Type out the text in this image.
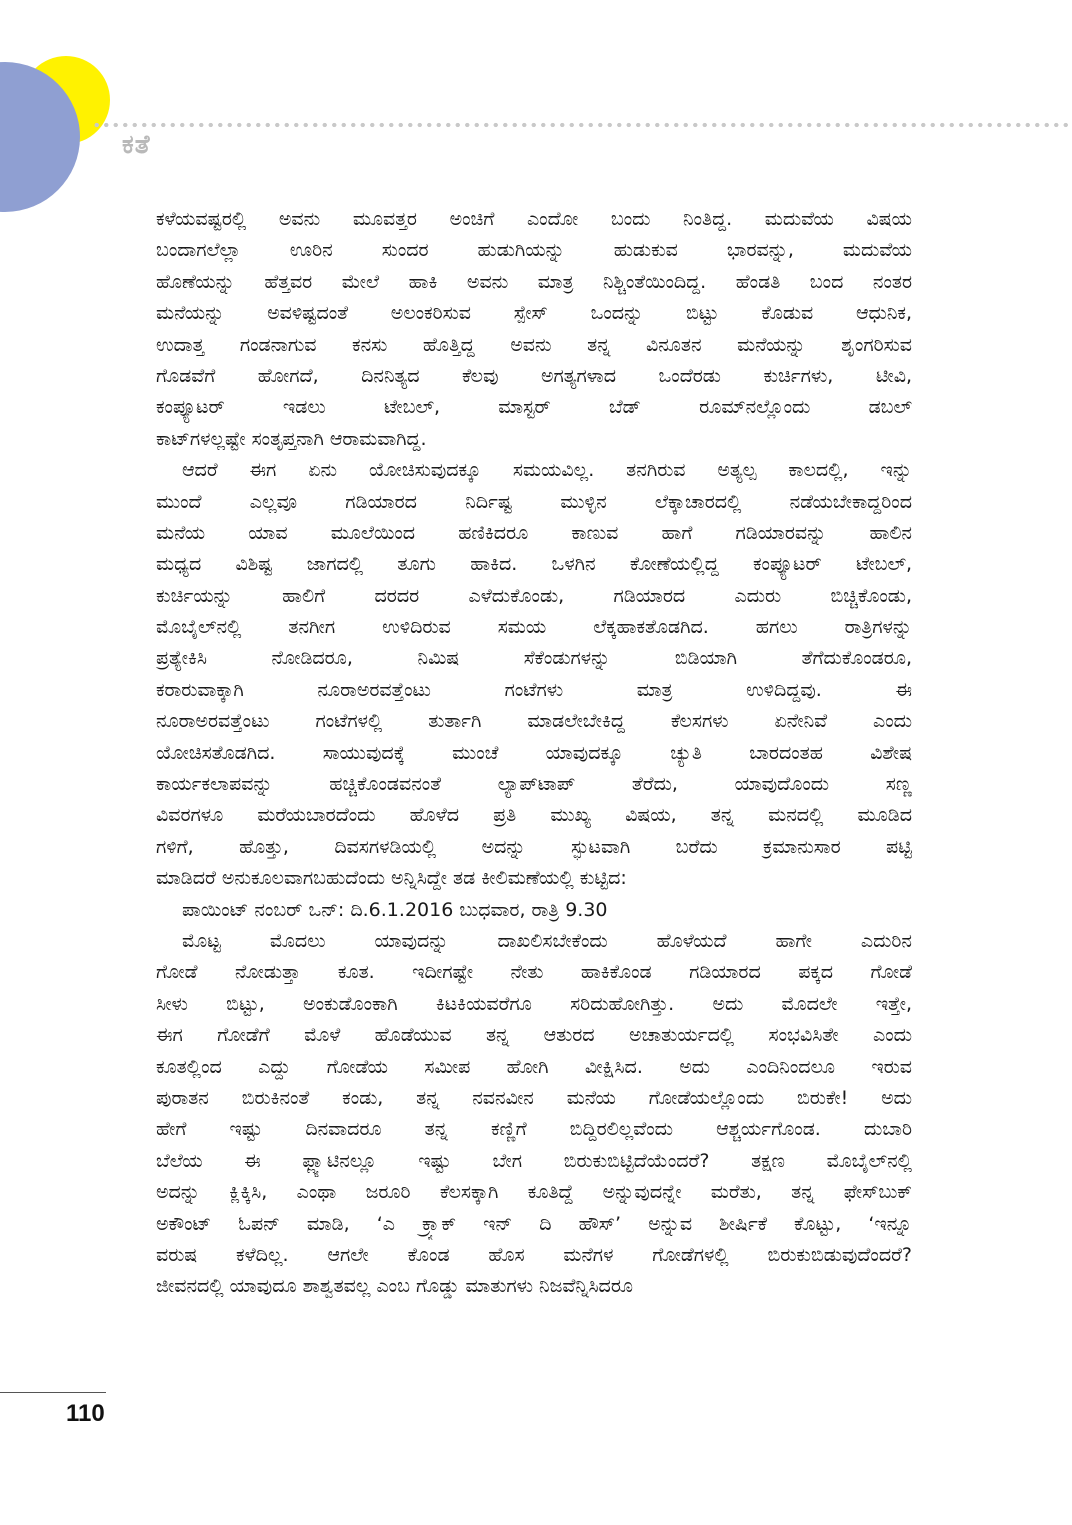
ಕತೆ
ಕಳೆಯವಷ್ಟರಲ್ಲಿ ಅವನು ಮೂವತ್ತರ ಅಂಚಿಗೆ ಎಂದೋ ಬಂದು ನಿಂತಿದ್ದ. ಮದುವೆಯ ವಿಷಯ
ಬಂದಾಗಲೆಲ್ಲಾ ಊರಿನ ಸುಂದರ ಹುಡುಗಿಯನ್ನು ಹುಡುಕುವ ಭಾರವನ್ನು, ಮದುವೆಯ
ಹೊಣೆಯನ್ನು ಹೆತ್ತವರ ಮೇಲೆ ಹಾಕಿ ಅವನು ಮಾತ್ರ ನಿಶ್ಚಿಂತೆಯಿಂದಿದ್ದ. ಹೆಂಡತಿ ಬಂದ ನಂತರ
ಮನೆಯನ್ನು ಅವಳಿಷ್ಟದಂತೆ ಅಲಂಕರಿಸುವ ಸ್ಪೇಸ್ ಒಂದನ್ನು ಬಿಟ್ಟು ಕೊಡುವ ಆಧುನಿಕ,
ಉದಾತ್ತ ಗಂಡನಾಗುವ ಕನಸು ಹೊತ್ತಿದ್ದ ಅವನು ತನ್ನ ವಿನೂತನ ಮನೆಯನ್ನು ಶೃಂಗರಿಸುವ
ಗೊಡವೆಗೆ ಹೋಗದೆ, ದಿನನಿತ್ಯದ ಕೆಲವು ಅಗತ್ಯಗಳಾದ ಒಂದೆರಡು ಕುರ್ಚಿಗಳು, ಟೀವಿ,
ಕಂಪ್ಯೂಟರ್ ಇಡಲು ಟೇಬಲ್, ಮಾಸ್ಟರ್ ಬೆಡ್ ರೂಮ್‌ನಲ್ಲೊಂದು ಡಬಲ್
ಕಾಟ್‌ಗಳಲ್ಲಷ್ಟೇ ಸಂತೃಪ್ತನಾಗಿ ಆರಾಮವಾಗಿದ್ದ.
ಆದರೆ ಈಗ ಏನು ಯೋಚಿಸುವುದಕ್ಕೂ ಸಮಯವಿಲ್ಲ. ತನಗಿರುವ ಅತ್ಯಲ್ಪ ಕಾಲದಲ್ಲಿ, ಇನ್ನು
ಮುಂದೆ ಎಲ್ಲವೂ ಗಡಿಯಾರದ ನಿರ್ದಿಷ್ಟ ಮುಳ್ಳಿನ ಲೆಕ್ಕಾಚಾರದಲ್ಲಿ ನಡೆಯಬೇಕಾದ್ದರಿಂದ
ಮನೆಯ ಯಾವ ಮೂಲೆಯಿಂದ ಹಣಿಕಿದರೂ ಕಾಣುವ ಹಾಗೆ ಗಡಿಯಾರವನ್ನು ಹಾಲಿನ
ಮಧ್ಯದ ವಿಶಿಷ್ಟ ಜಾಗದಲ್ಲಿ ತೂಗು ಹಾಕಿದ. ಒಳಗಿನ ಕೋಣೆಯಲ್ಲಿದ್ದ ಕಂಪ್ಯೂಟರ್ ಟೇಬಲ್,
ಕುರ್ಚಿಯನ್ನು ಹಾಲಿಗೆ ದರದರ ಎಳೆದುಕೊಂಡು, ಗಡಿಯಾರದ ಎದುರು ಬಿಚ್ಚಿಕೊಂಡು,
ಮೊಬೈಲ್‌ನಲ್ಲಿ ತನಗೀಗ ಉಳಿದಿರುವ ಸಮಯ ಲೆಕ್ಕಹಾಕತೊಡಗಿದ. ಹಗಲು ರಾತ್ರಿಗಳನ್ನು
ಪ್ರತ್ಯೇಕಿಸಿ ನೋಡಿದರೂ, ನಿಮಿಷ ಸೆಕೆಂಡುಗಳನ್ನು ಬಿಡಿಯಾಗಿ ತೆಗೆದುಕೊಂಡರೂ,
ಕರಾರುವಾಕ್ಕಾಗಿ ನೂರಾಅರವತ್ತೆಂಟು ಗಂಟೆಗಳು ಮಾತ್ರ ಉಳಿದಿದ್ದವು. ಈ
ನೂರಾಅರವತ್ತೆಂಟು ಗಂಟೆಗಳಲ್ಲಿ ತುರ್ತಾಗಿ ಮಾಡಲೇಬೇಕಿದ್ದ ಕೆಲಸಗಳು ಏನೇನಿವೆ ಎಂದು
ಯೋಚಿಸತೊಡಗಿದ. ಸಾಯುವುದಕ್ಕೆ ಮುಂಚೆ ಯಾವುದಕ್ಕೂ ಚ್ಯುತಿ ಬಾರದಂತಹ ವಿಶೇಷ
ಕಾರ್ಯಕಲಾಪವನ್ನು ಹಚ್ಚಿಕೊಂಡವನಂತೆ ಲ್ಯಾಪ್‌ಟಾಪ್ ತೆರೆದು, ಯಾವುದೊಂದು ಸಣ್ಣ
ವಿವರಗಳೂ ಮರೆಯಬಾರದೆಂದು ಹೊಳೆದ ಪ್ರತಿ ಮುಖ್ಯ ವಿಷಯ, ತನ್ನ ಮನದಲ್ಲಿ ಮೂಡಿದ
ಗಳಿಗೆ, ಹೊತ್ತು, ದಿವಸಗಳಡಿಯಲ್ಲಿ ಅದನ್ನು ಸ್ಫುಟವಾಗಿ ಬರೆದು ಕ್ರಮಾನುಸಾರ ಪಟ್ಟಿ
ಮಾಡಿದರೆ ಅನುಕೂಲವಾಗಬಹುದೆಂದು ಅನ್ನಿಸಿದ್ದೇ ತಡ ಕೀಲಿಮಣೆಯಲ್ಲಿ ಕುಟ್ಟಿದ:
ಪಾಯಿಂಟ್ ನಂಬರ್ ಒನ್: ದಿ.6.1.2016 ಬುಧವಾರ, ರಾತ್ರಿ 9.30
ಮೊಟ್ಟ ಮೊದಲು ಯಾವುದನ್ನು ದಾಖಲಿಸಬೇಕೆಂದು ಹೊಳೆಯದೆ ಹಾಗೇ ಎದುರಿನ
ಗೋಡೆ ನೋಡುತ್ತಾ ಕೂತ. ಇದೀಗಷ್ಟೇ ನೇತು ಹಾಕಿಕೊಂಡ ಗಡಿಯಾರದ ಪಕ್ಕದ ಗೋಡೆ
ಸೀಳು ಬಿಟ್ಟು, ಅಂಕುಡೊಂಕಾಗಿ ಕಿಟಕಿಯವರೆಗೂ ಸರಿದುಹೋಗಿತ್ತು. ಅದು ಮೊದಲೇ ಇತ್ತೇ,
ಈಗ ಗೋಡೆಗೆ ಮೊಳೆ ಹೊಡೆಯುವ ತನ್ನ ಆತುರದ ಅಚಾತುರ್ಯದಲ್ಲಿ ಸಂಭವಿಸಿತೇ ಎಂದು
ಕೂತಲ್ಲಿಂದ ಎದ್ದು ಗೋಡೆಯ ಸಮೀಪ ಹೋಗಿ ವೀಕ್ಷಿಸಿದ. ಅದು ಎಂದಿನಿಂದಲೂ ಇರುವ
ಪುರಾತನ ಬಿರುಕಿನಂತೆ ಕಂಡು, ತನ್ನ ನವನವೀನ ಮನೆಯ ಗೋಡೆಯಲ್ಲೊಂದು ಬಿರುಕೇ! ಅದು
ಹೇಗೆ ಇಷ್ಟು ದಿನವಾದರೂ ತನ್ನ ಕಣ್ಣಿಗೆ ಬಿದ್ದಿರಲಿಲ್ಲವೆಂದು ಆಶ್ಚರ್ಯಗೊಂಡ. ದುಬಾರಿ
ಬೆಲೆಯ ಈ ಫ್ಲ್ಯಾಟಿನಲ್ಲೂ ಇಷ್ಟು ಬೇಗ ಬಿರುಕುಬಿಟ್ಟಿದೆಯೆಂದರೆ? ತಕ್ಷಣ ಮೊಬೈಲ್‌ನಲ್ಲಿ
ಅದನ್ನು ಕ್ಲಿಕ್ಕಿಸಿ, ಎಂಥಾ ಜರೂರಿ ಕೆಲಸಕ್ಕಾಗಿ ಕೂತಿದ್ದೆ ಅನ್ನುವುದನ್ನೇ ಮರೆತು, ತನ್ನ ಫೇಸ್‌ಬುಕ್
ಅಕೌಂಟ್ ಓಪನ್ ಮಾಡಿ, ‘ಎ ಕ್ರ್ಯಾಕ್ ಇನ್ ದಿ ಹೌಸ್’ ಅನ್ನುವ ಶೀರ್ಷಿಕೆ ಕೊಟ್ಟು, ‘ಇನ್ನೂ
ವರುಷ ಕಳೆದಿಲ್ಲ. ಆಗಲೇ ಕೊಂಡ ಹೊಸ ಮನೆಗಳ ಗೋಡೆಗಳಲ್ಲಿ ಬಿರುಕುಬಿಡುವುದೆಂದರೆ?
ಜೀವನದಲ್ಲಿ ಯಾವುದೂ ಶಾಶ್ವತವಲ್ಲ ಎಂಬ ಗೊಡ್ಡು ಮಾತುಗಳು ನಿಜವೆನ್ನಿಸಿದರೂ
110
